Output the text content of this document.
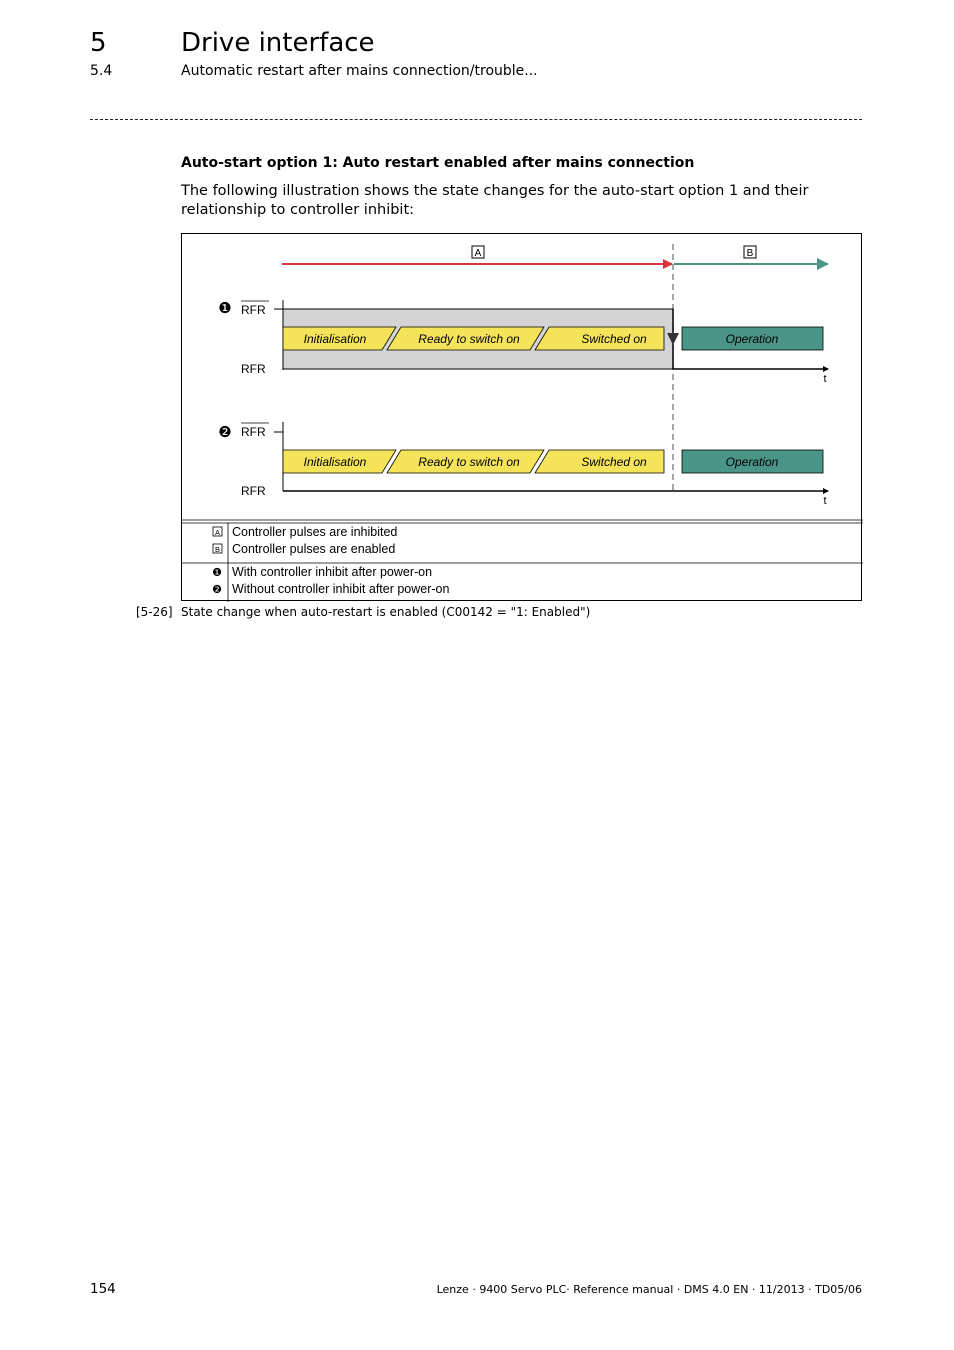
5	Drive interface
5.4	Automatic restart after mains connection/trouble...
Auto-start option 1: Auto restart enabled after mains connection
The following illustration shows the state changes for the auto-start option 1 and their relationship to controller inhibit:
A	B
❶ RFR
RFR
Initialisation	Ready to switch on	Switched on	Operation
t
❷ RFR
RFR
Initialisation	Ready to switch on	Switched on	Operation
t
A Controller pulses are inhibited
B Controller pulses are enabled
❶ With controller inhibit after power-on
❷ Without controller inhibit after power-on
[5-26] State change when auto-restart is enabled (C00142 = "1: Enabled")
154	Lenze · 9400 Servo PLC· Reference manual · DMS 4.0 EN · 11/2013 · TD05/06
